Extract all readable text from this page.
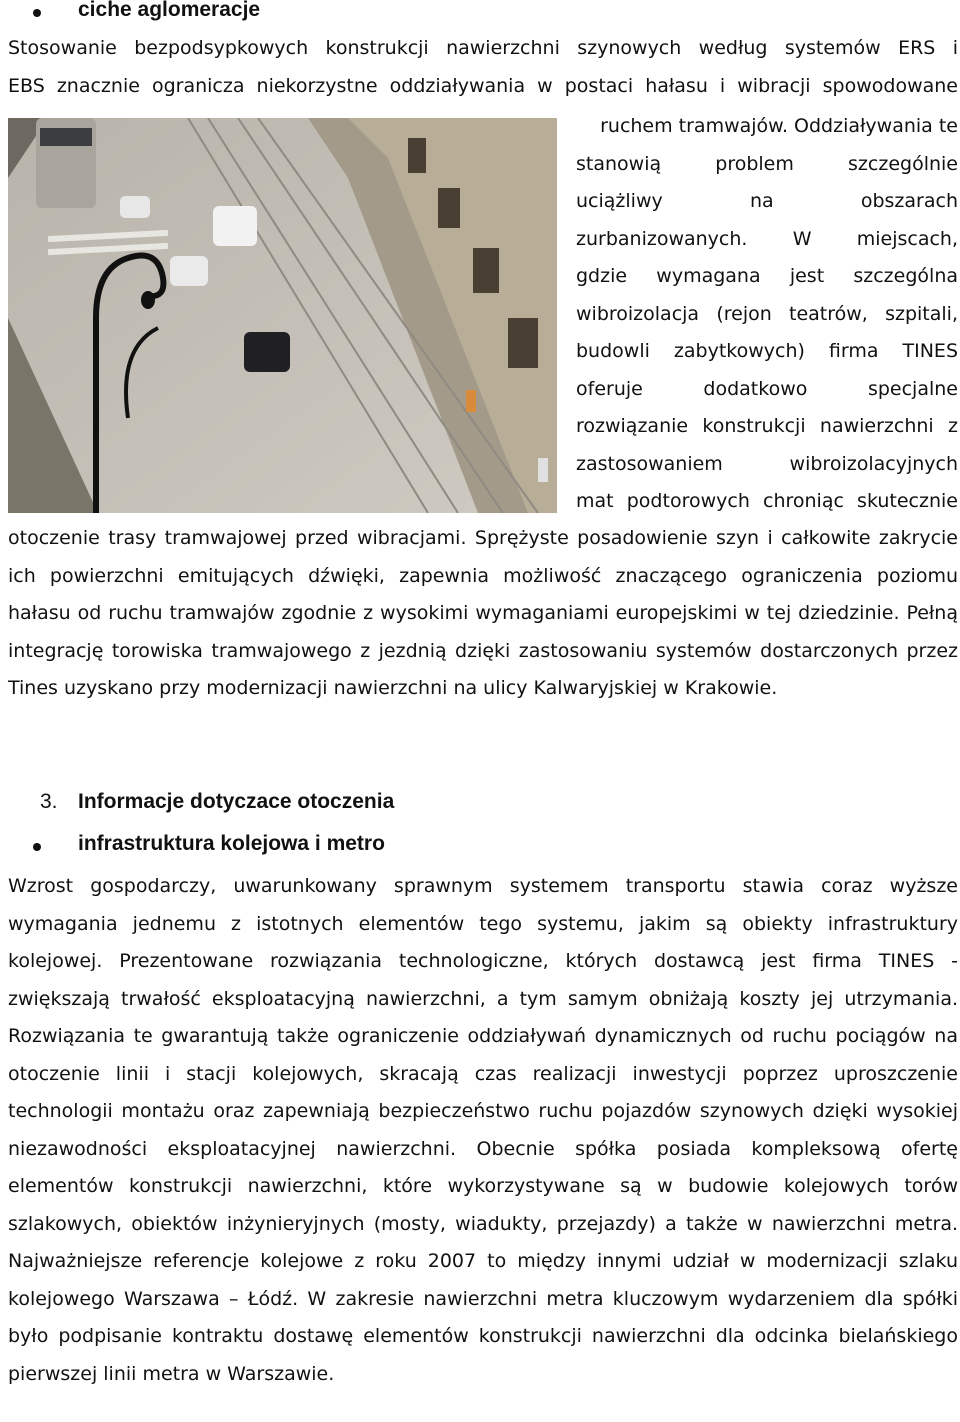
ciche aglomeracje
Stosowanie bezpodsypkowych konstrukcji nawierzchni szynowych według systemów ERS i
EBS znacznie ogranicza niekorzystne oddziaływania w postaci hałasu i wibracji spowodowane
ruchem tramwajów. Oddziaływania te
stanowią problem szczególnie
uciążliwy na obszarach
zurbanizowanych. W miejscach,
gdzie wymagana jest szczególna
wibroizolacja (rejon teatrów, szpitali,
budowli zabytkowych) firma TINES
oferuje dodatkowo specjalne
rozwiązanie konstrukcji nawierzchni z
zastosowaniem wibroizolacyjnych
mat podtorowych chroniąc skutecznie
otoczenie trasy tramwajowej przed wibracjami. Sprężyste posadowienie szyn i całkowite zakrycie ich powierzchni emitujących dźwięki, zapewnia możliwość znaczącego ograniczenia poziomu hałasu od ruchu tramwajów zgodnie z wysokimi wymaganiami europejskimi w tej dziedzinie. Pełną integrację torowiska tramwajowego z jezdnią dzięki zastosowaniu systemów dostarczonych przez Tines uzyskano przy modernizacji nawierzchni na ulicy Kalwaryjskiej w Krakowie.
3. Informacje dotyczace otoczenia
infrastruktura kolejowa i metro
Wzrost gospodarczy, uwarunkowany sprawnym systemem transportu stawia coraz wyższe wymagania jednemu z istotnych elementów tego systemu, jakim są obiekty infrastruktury kolejowej. Prezentowane rozwiązania technologiczne, których dostawcą jest firma TINES - zwiększają trwałość eksploatacyjną nawierzchni, a tym samym obniżają koszty jej utrzymania. Rozwiązania te gwarantują także ograniczenie oddziaływań dynamicznych od ruchu pociągów na otoczenie linii i stacji kolejowych, skracają czas realizacji inwestycji poprzez uproszczenie technologii montażu oraz zapewniają bezpieczeństwo ruchu pojazdów szynowych dzięki wysokiej niezawodności eksploatacyjnej nawierzchni. Obecnie spółka posiada kompleksową ofertę elementów konstrukcji nawierzchni, które wykorzystywane są w budowie kolejowych torów szlakowych, obiektów inżynieryjnych (mosty, wiadukty, przejazdy) a także w nawierzchni metra. Najważniejsze referencje kolejowe z roku 2007 to między innymi udział w modernizacji szlaku kolejowego Warszawa – Łódź. W zakresie nawierzchni metra kluczowym wydarzeniem dla spółki było podpisanie kontraktu dostawę elementów konstrukcji nawierzchni dla odcinka bielańskiego pierwszej linii metra w Warszawie.
